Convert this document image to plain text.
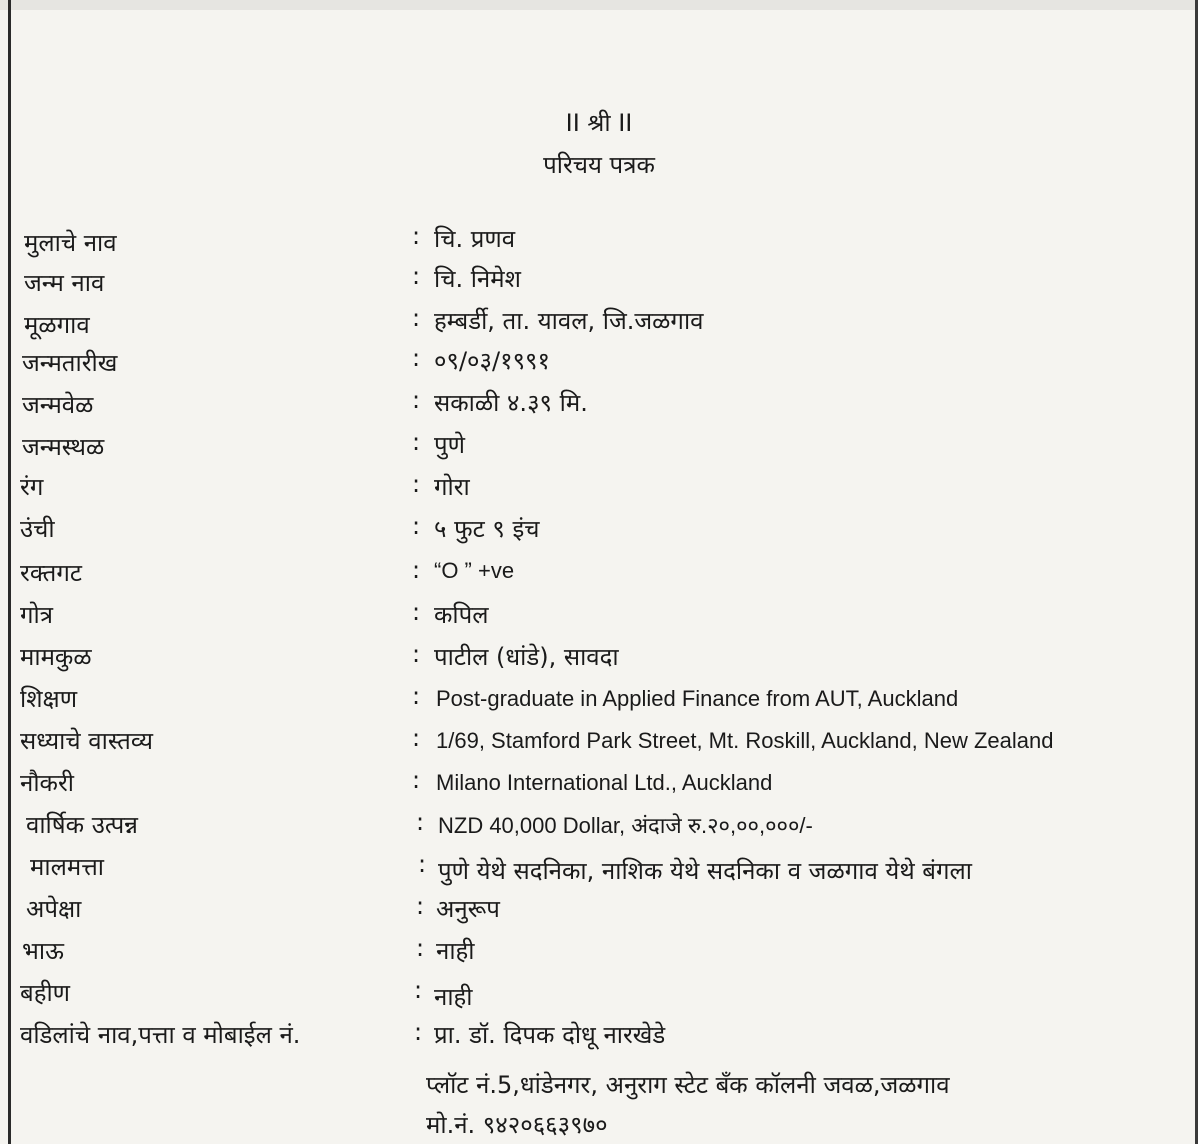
II श्री II
परिचय पत्रक
मुलाचे नाव	: चि. प्रणव
जन्म नाव	: चि. निमेश
मूळगाव	: हम्बर्डी, ता. यावल, जि.जळगाव
जन्मतारीख	: ०९/०३/१९९१
जन्मवेळ	: सकाळी ४.३९ मि.
जन्मस्थळ	: पुणे
रंग	: गोरा
उंची	: ५ फुट ९ इंच
रक्तगट	: “O ” +ve
गोत्र	: कपिल
मामकुळ	: पाटील (धांडे), सावदा
शिक्षण	: Post-graduate in Applied Finance from AUT, Auckland
सध्याचे वास्तव्य	: 1/69, Stamford Park Street, Mt. Roskill, Auckland, New Zealand
नौकरी	: Milano International Ltd., Auckland
वार्षिक उत्पन्न	: NZD 40,000 Dollar, अंदाजे रु.२०,००,०००/-
मालमत्ता	: पुणे येथे सदनिका, नाशिक येथे सदनिका व जळगाव येथे बंगला
अपेक्षा	: अनुरूप
भाऊ	: नाही
बहीण	: नाही
वडिलांचे नाव,पत्ता व मोबाईल नं.	: प्रा. डॉ. दिपक दोधू नारखेडे
प्लॉट नं.5,धांडेनगर, अनुराग स्टेट बँक कॉलनी जवळ,जळगाव
मो.नं. ९४२०६६३९७०
